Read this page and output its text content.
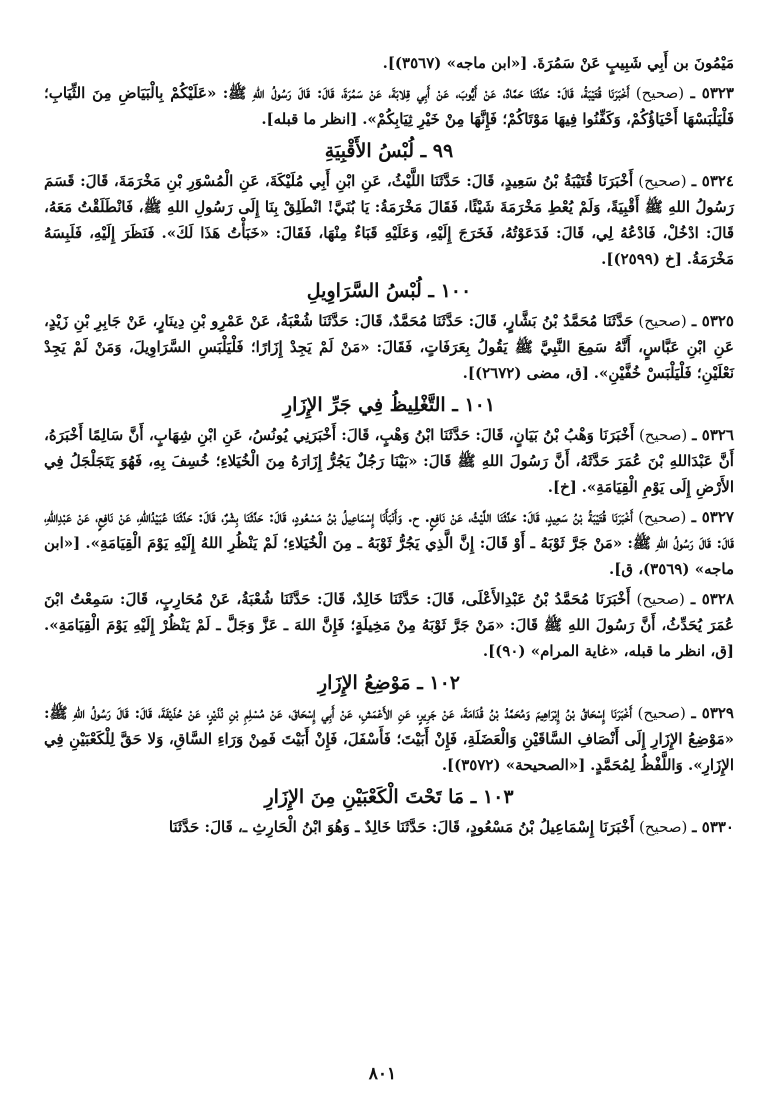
مَيْمُونَ بن أَبِي شَبِيبٍ عَنْ سَمُرَةَ. [«ابن ماجه» (٣٥٦٧)].

٥٣٢٣ ـ (صحيح) أَخْبَرَنَا قُتَيْبَةُ، قَالَ: حَدَّثَنَا حَمَّادٌ، عَنْ أَيُّوبَ، عَنْ أَبِي قِلابَةَ، عَنْ سَمُرَةَ، قَالَ: قَالَ رَسُولُ اللهِ ﷺ: «عَلَيْكُمْ بِالْبَيَاضِ مِنَ الثِّيَابِ؛ فَلْيَلْبَسْهَا أَحْيَاؤُكُمْ، وَكَفِّنُوا فِيهَا مَوْتَاكُمْ؛ فَإِنَّهَا مِنْ خَيْرِ ثِيَابِكُمْ». [انظر ما قبله].

٩٩ ـ لُبْسُ الأَقْبِيَةِ

٥٣٢٤ ـ (صحيح) أَخْبَرَنَا قُتَيْبَةُ بْنُ سَعِيدٍ، قَالَ: حَدَّثَنَا اللَّيْثُ، عَنِ ابْنِ أَبِي مُلَيْكَةَ، عَنِ الْمُسْوَرِ بْنِ مَخْرَمَةَ، قَالَ: قَسَمَ رَسُولُ اللهِ ﷺ أَقْبِيَةً، وَلَمْ يُعْطِ مَخْرَمَةَ شَيْئًا، فَقَالَ مَخْرَمَةُ: يَا بُنَيَّ! انْطَلِقْ بِنَا إِلَى رَسُولِ اللهِ ﷺ، فَانْطَلَقْتُ مَعَهُ، قَالَ: ادْخُلْ، فَادْعُهُ لِي، قَالَ: فَدَعَوْتُهُ، فَخَرَجَ إِلَيْهِ، وَعَلَيْهِ قَبَاءٌ مِنْهَا، فَقَالَ: «خَبَأْتُ هَذَا لَكَ». فَنَظَرَ إِلَيْهِ، فَلَبِسَهُ مَخْرَمَةُ. [خ (٢٥٩٩)].

١٠٠ ـ لُبْسُ السَّرَاوِيلِ

٥٣٢٥ ـ (صحيح) حَدَّثَنَا مُحَمَّدُ بْنُ بَشَّارٍ، قَالَ: حَدَّثَنَا مُحَمَّدٌ، قَالَ: حَدَّثَنَا شُعْبَةُ، عَنْ عَمْرِو بْنِ دِينَارٍ، عَنْ جَابِرِ بْنِ زَيْدٍ، عَنِ ابْنِ عَبَّاسٍ، أَنَّهُ سَمِعَ النَّبِيَّ ﷺ يَقُولُ بِعَرَفَاتٍ، فَقَالَ: «مَنْ لَمْ يَجِدْ إِزَارًا؛ فَلْيَلْبَسِ السَّرَاوِيلَ، وَمَنْ لَمْ يَجِدْ نَعْلَيْنِ؛ فَلْيَلْبَسْ خُفَّيْنِ». [ق، مضى (٢٦٧٢)].

١٠١ ـ التَّغْلِيظُ فِي جَرِّ الإِزَارِ

٥٣٢٦ ـ (صحيح) أَخْبَرَنَا وَهْبُ بْنُ بَيَانٍ، قَالَ: حَدَّثَنَا ابْنُ وَهْبٍ، قَالَ: أَخْبَرَنِي يُونُسُ، عَنِ ابْنِ شِهَابٍ، أَنَّ سَالِمًا أَخْبَرَهُ، أَنَّ عَبْدَاللهِ بْنَ عُمَرَ حَدَّثَهُ، أَنَّ رَسُولَ اللهِ ﷺ قَالَ: «بَيْنَا رَجُلٌ يَجُرُّ إِزَارَهُ مِنَ الْخُيَلاءِ؛ خُسِفَ بِهِ، فَهُوَ يَتَجَلْجَلُ فِي الأَرْضِ إِلَى يَوْمِ الْقِيَامَةِ». [خ].

٥٣٢٧ ـ (صحيح) أَخْبَرَنَا قُتَيْبَةُ بْنُ سَعِيدٍ، قَالَ: حَدَّثَنَا اللَّيْثُ، عَنْ نَافِعٍ. ح. وَأَنْبَأَنَا إِسْمَاعِيلُ بْنُ مَسْعُودٍ، قَالَ: حَدَّثَنَا بِشْرٌ، قَالَ: حَدَّثَنَا عُبَيْدُاللهِ، عَنْ نَافِعٍ، عَنْ عَبْدِاللهِ، قَالَ: قَالَ رَسُولُ اللهِ ﷺ: «مَنْ جَرَّ ثَوْبَهُ ـ أَوْ قَالَ: إِنَّ الَّذِي يَجُرُّ ثَوْبَهُ ـ مِنَ الْخُيَلاءِ؛ لَمْ يَنْظُرِ اللهُ إِلَيْهِ يَوْمَ الْقِيَامَةِ». [«ابن ماجه» (٣٥٦٩)، ق].

٥٣٢٨ ـ (صحيح) أَخْبَرَنَا مُحَمَّدُ بْنُ عَبْدِالأَعْلَى، قَالَ: حَدَّثَنَا خَالِدٌ، قَالَ: حَدَّثَنَا شُعْبَةُ، عَنْ مُحَارِبٍ، قَالَ: سَمِعْتُ ابْنَ عُمَرَ يُحَدِّثُ، أَنَّ رَسُولَ اللهِ ﷺ قَالَ: «مَنْ جَرَّ ثَوْبَهُ مِنْ مَخِيلَةٍ؛ فَإِنَّ اللهَ ـ عَزَّ وَجَلَّ ـ لَمْ يَنْظُرْ إِلَيْهِ يَوْمَ الْقِيَامَةِ». [ق، انظر ما قبله، «غاية المرام» (٩٠)].

١٠٢ ـ مَوْضِعُ الإِزَارِ

٥٣٢٩ ـ (صحيح) أَخْبَرَنَا إِسْحَاقُ بْنُ إِبْرَاهِيمَ وَمُحَمَّدُ بْنُ قُدَامَةَ، عَنْ جَرِيرٍ، عَنِ الأَعْمَشِ، عَنْ أَبِي إِسْحَاقَ، عَنْ مُسْلِمِ بْنِ نُذَيْرٍ، عَنْ حُذَيْفَةَ، قَالَ: قَالَ رَسُولُ اللهِ ﷺ: «مَوْضِعُ الإِزَارِ إِلَى أَنْصَافِ السَّاقَيْنِ وَالْعَضَلَةِ، فَإِنْ أَبَيْتَ؛ فَأَسْفَلَ، فَإِنْ أَبَيْتَ فَمِنْ وَرَاءِ السَّاقِ، وَلا حَقَّ لِلْكَعْبَيْنِ فِي الإِزَارِ». وَاللَّفْظُ لِمُحَمَّدٍ. [«الصحيحة» (٣٥٧٢)].

١٠٣ ـ مَا تَحْتَ الْكَعْبَيْنِ مِنَ الإِزَارِ

٥٣٣٠ ـ (صحيح) أَخْبَرَنَا إِسْمَاعِيلُ بْنُ مَسْعُودٍ، قَالَ: حَدَّثَنَا خَالِدٌ ـ وَهُوَ ابْنُ الْحَارِثِ ـ، قَالَ: حَدَّثَنَا

٨٠١
